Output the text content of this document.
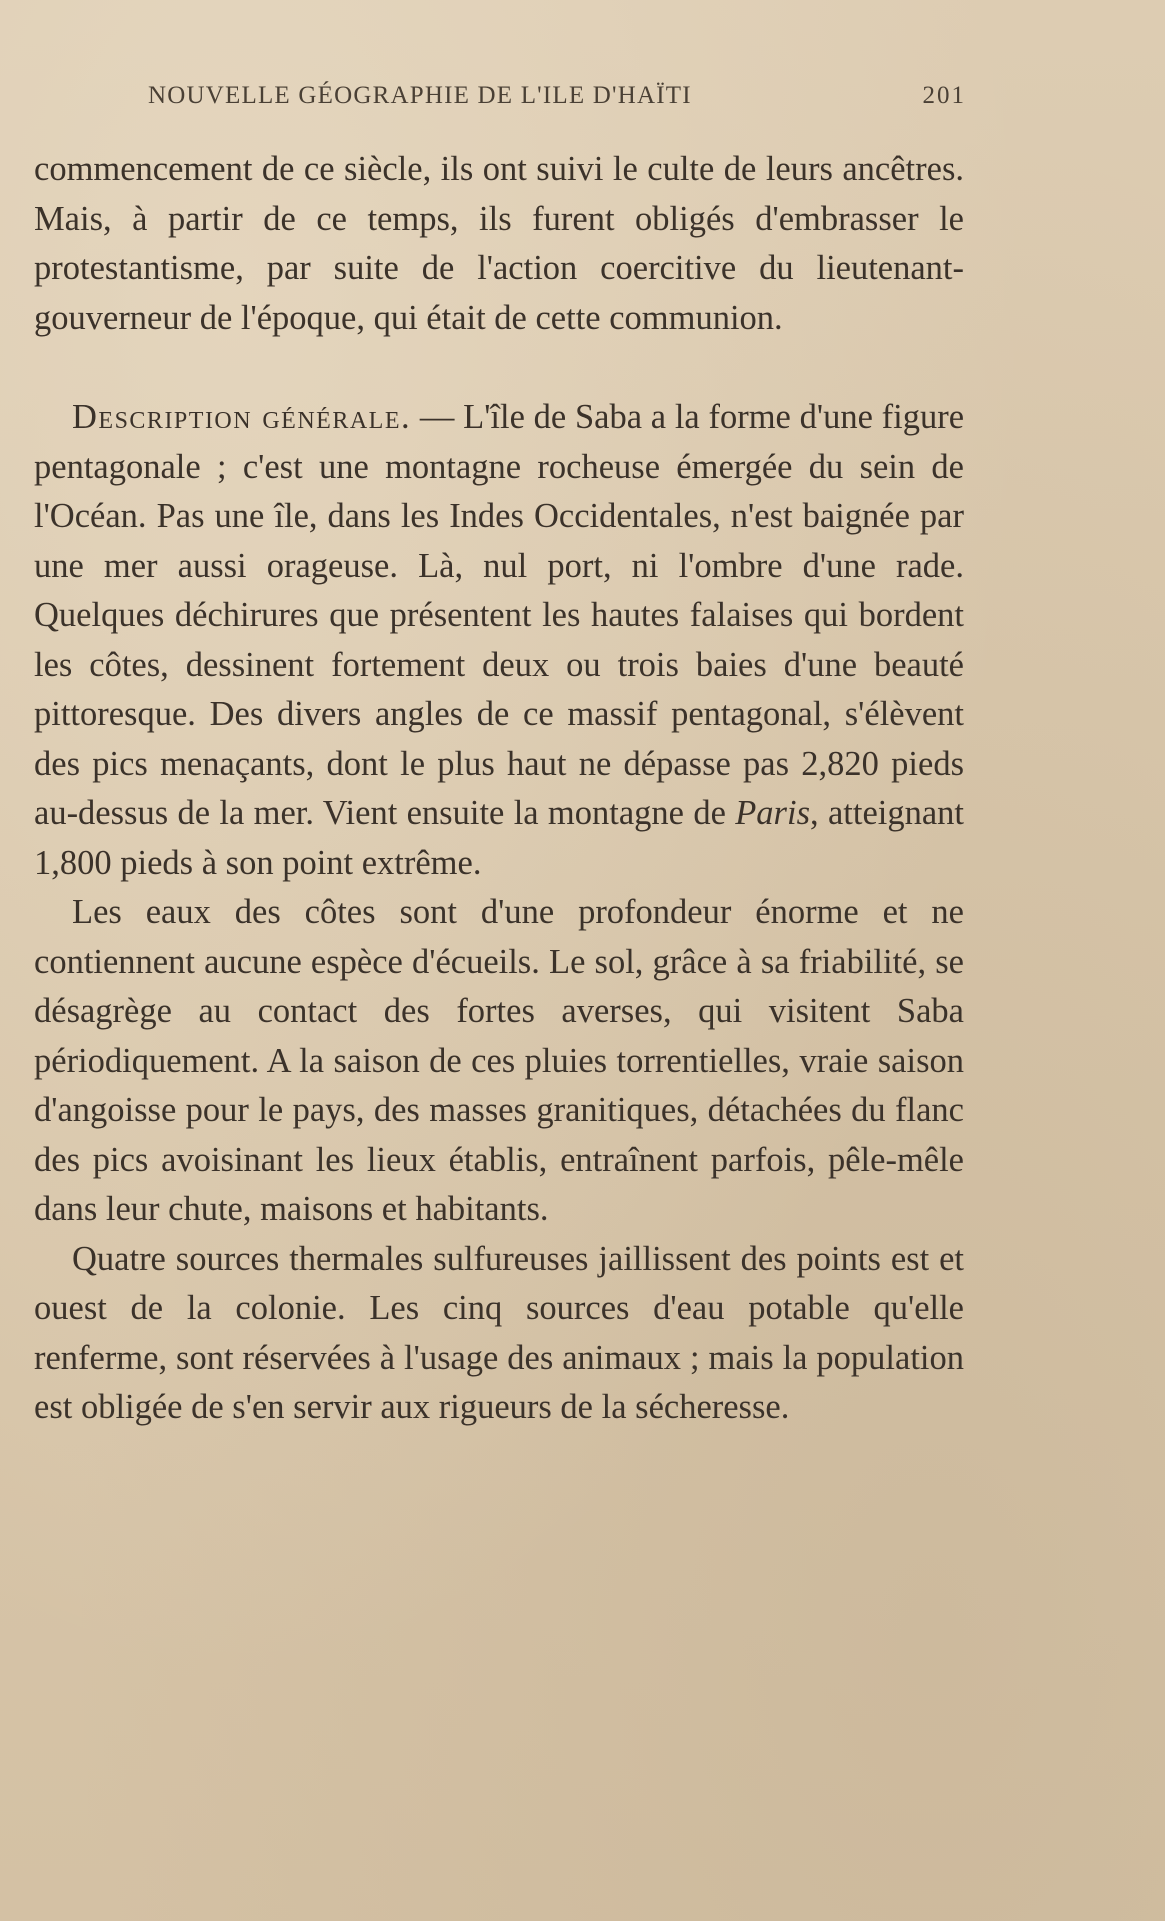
NOUVELLE GÉOGRAPHIE DE L'ILE D'HAÏTI	201

commencement de ce siècle, ils ont suivi le culte de leurs ancêtres. Mais, à partir de ce temps, ils furent obligés d'embrasser le protestantisme, par suite de l'action coercitive du lieutenant-gouverneur de l'époque, qui était de cette communion.

Description générale. — L'île de Saba a la forme d'une figure pentagonale ; c'est une montagne rocheuse émergée du sein de l'Océan. Pas une île, dans les Indes Occidentales, n'est baignée par une mer aussi orageuse. Là, nul port, ni l'ombre d'une rade. Quelques déchirures que présentent les hautes falaises qui bordent les côtes, dessinent fortement deux ou trois baies d'une beauté pittoresque. Des divers angles de ce massif pentagonal, s'élèvent des pics menaçants, dont le plus haut ne dépasse pas 2,820 pieds au-dessus de la mer. Vient ensuite la montagne de Paris, atteignant 1,800 pieds à son point extrême.

Les eaux des côtes sont d'une profondeur énorme et ne contiennent aucune espèce d'écueils. Le sol, grâce à sa friabilité, se désagrège au contact des fortes averses, qui visitent Saba périodiquement. A la saison de ces pluies torrentielles, vraie saison d'angoisse pour le pays, des masses granitiques, détachées du flanc des pics avoisinant les lieux établis, entraînent parfois, pêle-mêle dans leur chute, maisons et habitants.

Quatre sources thermales sulfureuses jaillissent des points est et ouest de la colonie. Les cinq sources d'eau potable qu'elle renferme, sont réservées à l'usage des animaux ; mais la population est obligée de s'en servir aux rigueurs de la sécheresse.
